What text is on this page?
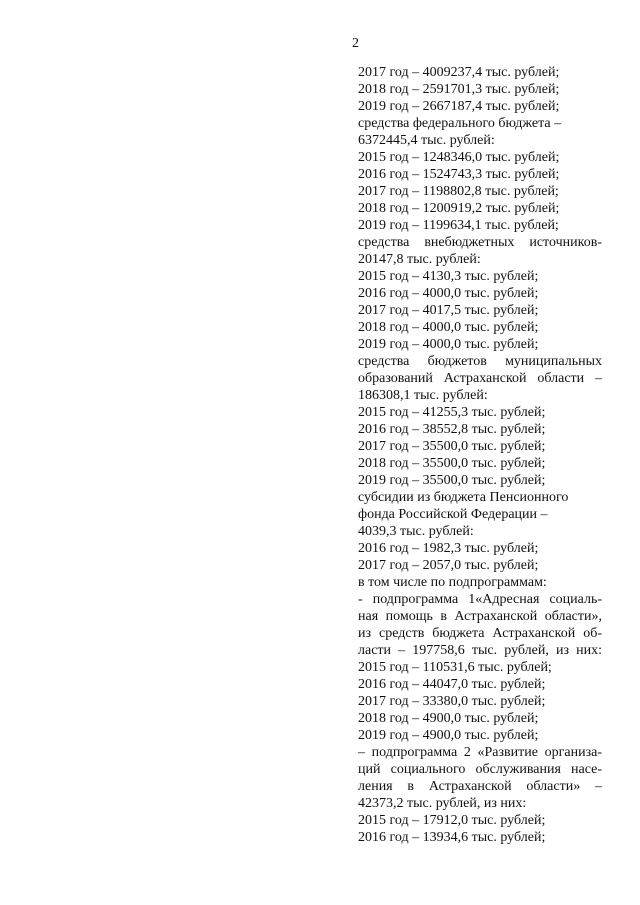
2
2017 год – 4009237,4 тыс. рублей;
2018 год – 2591701,3 тыс. рублей;
2019 год – 2667187,4 тыс. рублей;
средства федерального бюджета –
6372445,4 тыс. рублей:
2015 год – 1248346,0 тыс. рублей;
2016 год – 1524743,3 тыс. рублей;
2017 год – 1198802,8 тыс. рублей;
2018 год – 1200919,2 тыс. рублей;
2019 год – 1199634,1 тыс. рублей;
средства внебюджетных источников-
20147,8 тыс. рублей:
2015 год – 4130,3 тыс. рублей;
2016 год – 4000,0 тыс. рублей;
2017 год – 4017,5 тыс. рублей;
2018 год – 4000,0 тыс. рублей;
2019 год – 4000,0 тыс. рублей;
средства бюджетов муниципальных
образований Астраханской области –
186308,1 тыс. рублей:
2015 год – 41255,3 тыс. рублей;
2016 год – 38552,8 тыс. рублей;
2017 год – 35500,0 тыс. рублей;
2018 год – 35500,0 тыс. рублей;
2019 год – 35500,0 тыс. рублей;
субсидии из бюджета Пенсионного
фонда Российской Федерации –
4039,3 тыс. рублей:
2016 год – 1982,3 тыс. рублей;
2017 год – 2057,0 тыс. рублей;
в том числе по подпрограммам:
- подпрограмма 1«Адресная социаль-
ная помощь в Астраханской области»,
из средств бюджета Астраханской об-
ласти – 197758,6 тыс. рублей, из них:
2015 год – 110531,6 тыс. рублей;
2016 год – 44047,0 тыс. рублей;
2017 год – 33380,0 тыс. рублей;
2018 год – 4900,0 тыс. рублей;
2019 год – 4900,0 тыс. рублей;
– подпрограмма 2 «Развитие организа-
ций социального обслуживания насе-
ления в Астраханской области» –
42373,2 тыс. рублей, из них:
2015 год – 17912,0 тыс. рублей;
2016 год – 13934,6 тыс. рублей;
